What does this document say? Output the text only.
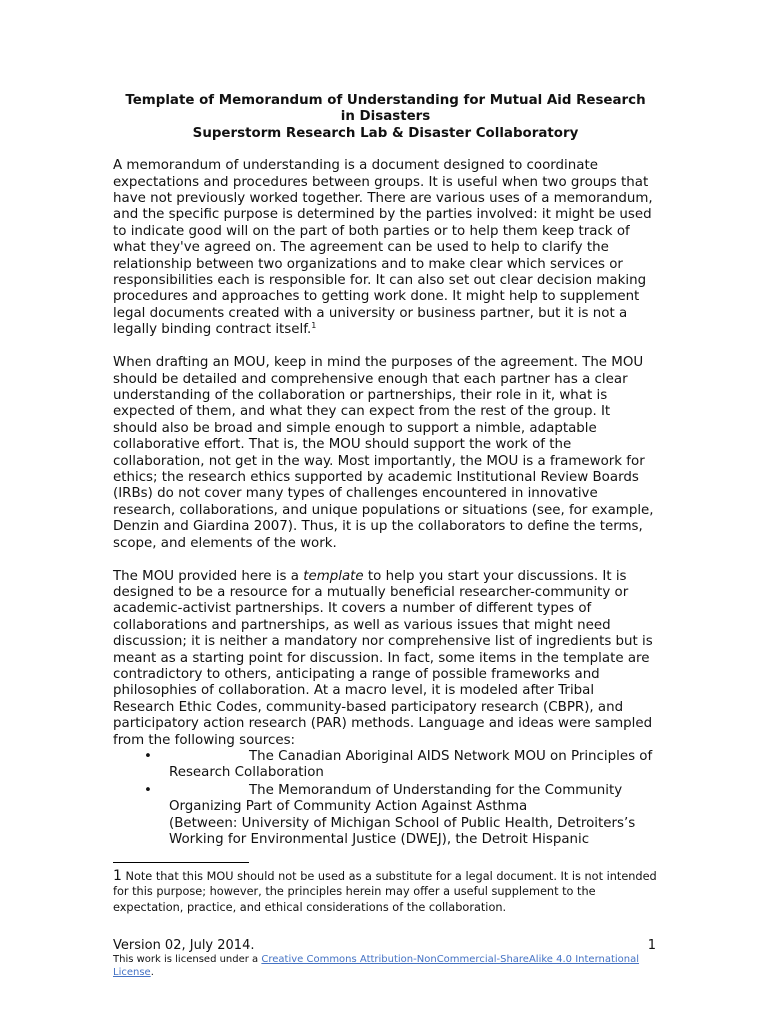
Template of Memorandum of Understanding for Mutual Aid Research
in Disasters
Superstorm Research Lab & Disaster Collaboratory

A memorandum of understanding is a document designed to coordinate expectations and procedures between groups. It is useful when two groups that have not previously worked together. There are various uses of a memorandum, and the specific purpose is determined by the parties involved: it might be used to indicate good will on the part of both parties or to help them keep track of what they've agreed on. The agreement can be used to help to clarify the relationship between two organizations and to make clear which services or responsibilities each is responsible for. It can also set out clear decision making procedures and approaches to getting work done. It might help to supplement legal documents created with a university or business partner, but it is not a legally binding contract itself.$^1$

When drafting an MOU, keep in mind the purposes of the agreement. The MOU should be detailed and comprehensive enough that each partner has a clear understanding of the collaboration or partnerships, their role in it, what is expected of them, and what they can expect from the rest of the group. It should also be broad and simple enough to support a nimble, adaptable collaborative effort. That is, the MOU should support the work of the collaboration, not get in the way. Most importantly, the MOU is a framework for ethics; the research ethics supported by academic Institutional Review Boards (IRBs) do not cover many types of challenges encountered in innovative research, collaborations, and unique populations or situations (see, for example, Denzin and Giardina 2007). Thus, it is up the collaborators to define the terms, scope, and elements of the work.

The MOU provided here is a template to help you start your discussions. It is designed to be a resource for a mutually beneficial researcher-community or academic-activist partnerships. It covers a number of different types of collaborations and partnerships, as well as various issues that might need discussion; it is neither a mandatory nor comprehensive list of ingredients but is meant as a starting point for discussion. In fact, some items in the template are contradictory to others, anticipating a range of possible frameworks and philosophies of collaboration. At a macro level, it is modeled after Tribal Research Ethic Codes, community-based participatory research (CBPR), and participatory action research (PAR) methods. Language and ideas were sampled from the following sources:

•	The Canadian Aboriginal AIDS Network MOU on Principles of Research Collaboration
•	The Memorandum of Understanding for the Community Organizing Part of Community Action Against Asthma
(Between: University of Michigan School of Public Health, Detroiters’s Working for Environmental Justice (DWEJ), the Detroit Hispanic
1 Note that this MOU should not be used as a substitute for a legal document. It is not intended for this purpose; however, the principles herein may offer a useful supplement to the expectation, practice, and ethical considerations of the collaboration.
Version 02, July 2014.	1
This work is licensed under a Creative Commons Attribution-NonCommercial-ShareAlike 4.0 International License.
